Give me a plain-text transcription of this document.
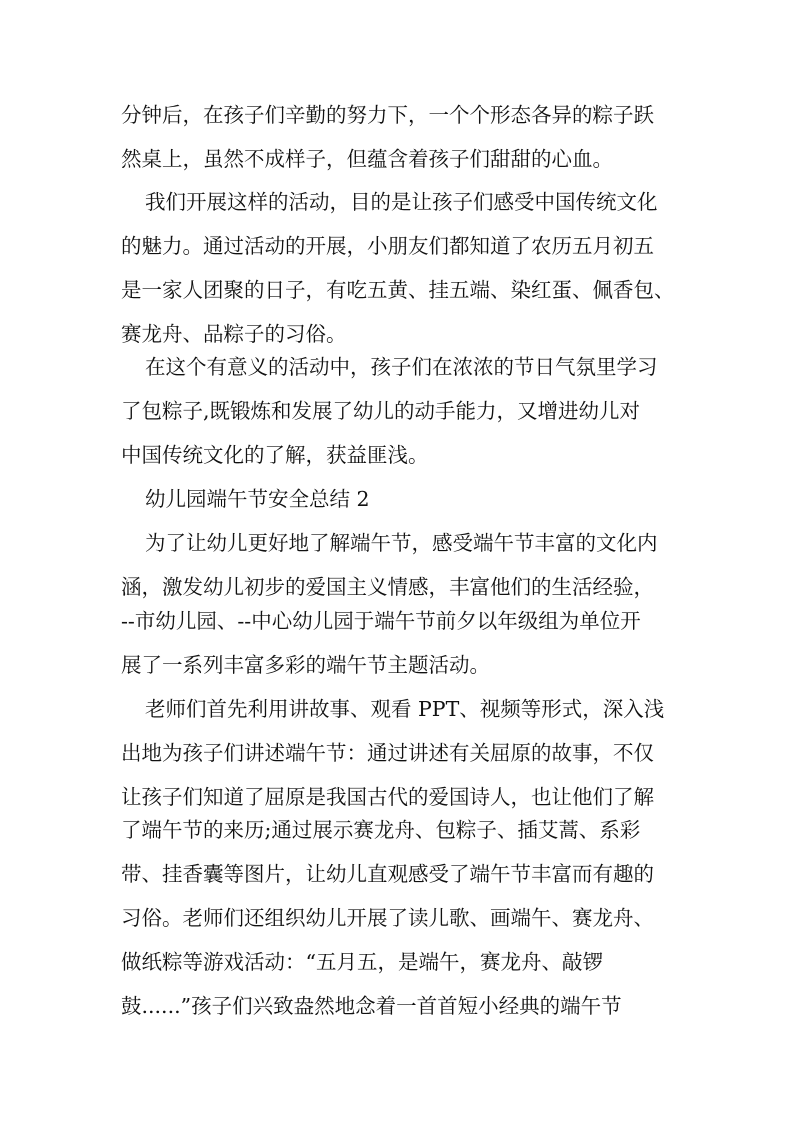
分钟后，在孩子们辛勤的努力下，一个个形态各异的粽子跃
然桌上，虽然不成样子，但蕴含着孩子们甜甜的心血。
我们开展这样的活动，目的是让孩子们感受中国传统文化
的魅力。通过活动的开展，小朋友们都知道了农历五月初五
是一家人团聚的日子，有吃五黄、挂五端、染红蛋、佩香包、
赛龙舟、品粽子的习俗。
在这个有意义的活动中，孩子们在浓浓的节日气氛里学习
了包粽子,既锻炼和发展了幼儿的动手能力，又增进幼儿对
中国传统文化的了解，获益匪浅。
幼儿园端午节安全总结 2
为了让幼儿更好地了解端午节，感受端午节丰富的文化内
涵，激发幼儿初步的爱国主义情感，丰富他们的生活经验，
--市幼儿园、--中心幼儿园于端午节前夕以年级组为单位开
展了一系列丰富多彩的端午节主题活动。
老师们首先利用讲故事、观看 PPT、视频等形式，深入浅
出地为孩子们讲述端午节：通过讲述有关屈原的故事，不仅
让孩子们知道了屈原是我国古代的爱国诗人，也让他们了解
了端午节的来历;通过展示赛龙舟、包粽子、插艾蒿、系彩
带、挂香囊等图片，让幼儿直观感受了端午节丰富而有趣的
习俗。老师们还组织幼儿开展了读儿歌、画端午、赛龙舟、
做纸粽等游戏活动：“五月五，是端午，赛龙舟、敲锣
鼓......”孩子们兴致盎然地念着一首首短小经典的端午节
